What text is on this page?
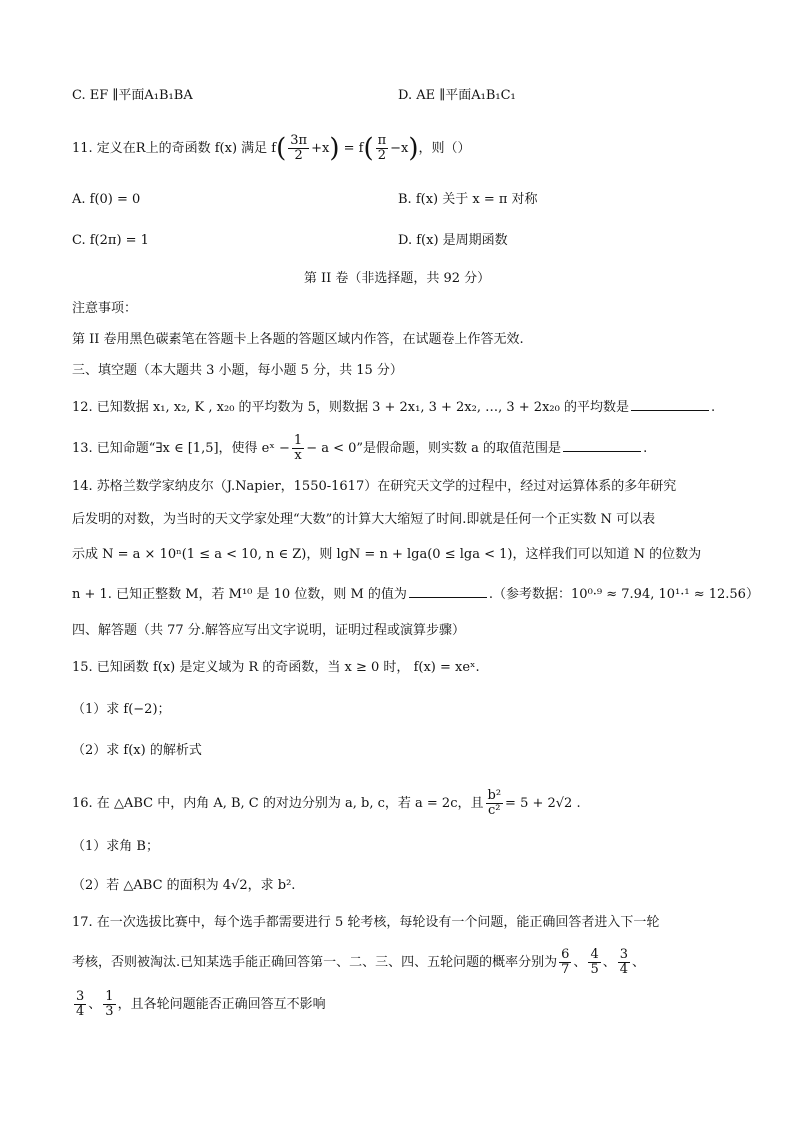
C. EF ∥平面A₁B₁BA	D. AE ∥平面A₁B₁C₁
11. 定义在R上的奇函数 f(x) 满足 $f( \frac{3\pi}{2} +x) = f( \frac{\pi}{2} -x)$，则（）
A. f(0) = 0	B. f(x) 关于 x = π 对称
C. f(2π) = 1	D. f(x) 是周期函数
第 II 卷（非选择题，共 92 分）
注意事项：
第 II 卷用黑色碳素笔在答题卡上各题的答题区域内作答，在试题卷上作答无效.
三、填空题（本大题共 3 小题，每小题 5 分，共 15 分）
12. 已知数据 x₁, x₂, K , x₂₀ 的平均数为 5，则数据 3 + 2x₁, 3 + 2x₂, …, 3 + 2x₂₀ 的平均数是	.
13. 已知命题“∃x ∈ [1,5]，使得 eˣ − $\frac{1}{x} - a < 0$”是假命题，则实数 a 的取值范围是	.
14. 苏格兰数学家纳皮尔（J.Napier，1550-1617）在研究天文学的过程中，经过对运算体系的多年研究
后发明的对数，为当时的天文学家处理“大数”的计算大大缩短了时间.即就是任何一个正实数 N 可以表
示成 N = a × 10ⁿ(1 ≤ a < 10, n ∈ Z)，则 lgN = n + lga(0 ≤ lga < 1)，这样我们可以知道 N 的位数为
n + 1. 已知正整数 M，若 M¹⁰ 是 10 位数，则 M 的值为	.（参考数据：10⁰·⁹ ≈ 7.94, 10¹·¹ ≈ 12.56）
四、解答题（共 77 分.解答应写出文字说明，证明过程或演算步骤）
15. 已知函数 f(x) 是定义域为 R 的奇函数，当 x ≥ 0 时， f(x) = xeˣ.
（1）求 f(−2)；
（2）求 f(x) 的解析式
16. 在 △ABC 中，内角 A, B, C 的对边分别为 a, b, c，若 a = 2c，且 $\frac{\text{b²}}{\text{c²}} = 5 + 2√2$ .
（1）求角 B；
（2）若 △ABC 的面积为 4√2，求 b².
17. 在一次选拔比赛中，每个选手都需要进行 5 轮考核，每轮设有一个问题，能正确回答者进入下一轮
考核，否则被淘汰.已知某选手能正确回答第一、二、三、四、五轮问题的概率分别为 $\frac{6}{7}$ 、 $\frac{4}{5}$ 、 $\frac{3}{4}$ 、
$\frac{3}{4}$ 、 $\frac{1}{3}$ ，且各轮问题能否正确回答互不影响
